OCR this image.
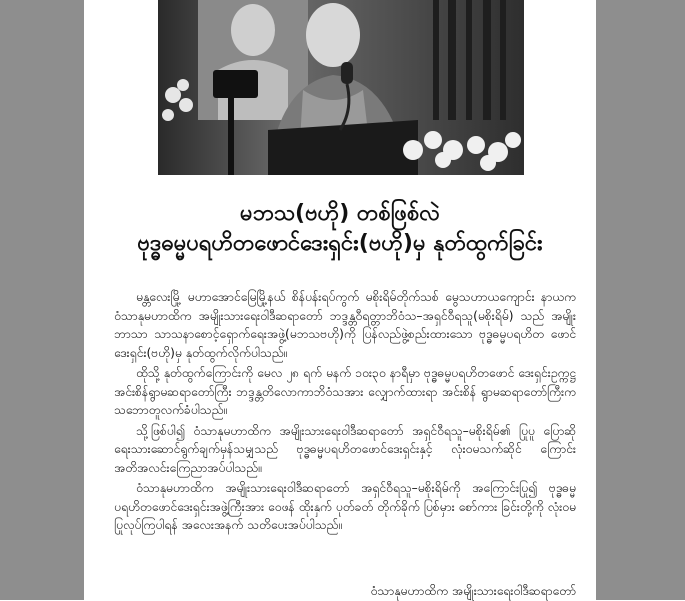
မဘသ(ဗဟို) တစ်ဖြစ်လဲ
ဗုဒ္ဓဓမ္မပရဟိတဖောင်ဒေးရှင်း(ဗဟို)မှ နုတ်ထွက်ခြင်း

မန္တလေးမြို့ မဟာအောင်မြေမြို့နယ် စိန်ပန်းရပ်ကွက် မစိုးရိမ်တိုက်သစ် မွေသဟာယကျောင်း နာယက ဝံသာနုမဟာထိက အမျိုးသားရေးဝါဒီဆရာတော် ဘဒ္ဒန္တဝီရတ္တာဘိဝံသ–အရှင်ဝီရသူ(မစိုးရိမ်) သည် အမျိုး ဘာသာ သာသနာစောင့်ရှောက်ရေးအဖွဲ့(မဘသဗဟို)ကို ပြန်လည်ဖွဲ့စည်းထားသော ဗုဒ္ဓဓမ္မပရဟိတ ဖောင်ဒေးရှင်း(ဗဟို)မှ နုတ်ထွက်လိုက်ပါသည်။

ထိုသို့ နုတ်ထွက်ကြောင်းကို မေလ ၂၈ ရက် မနက် ၁၀း၃၀ နာရီမှာ ဗုဒ္ဓဓမ္မပရဟိတဖောင် ဒေးရှင်းဥက္ကဋ္ဌ အင်းစိန်ရွာမဆရာတော်ကြီး ဘဒ္ဒန္တတိလောကာဘိဝံသအား လျှောက်ထားရာ အင်းစိန် ရွာမဆရာတော်ကြီးက သဘောတူလက်ခံပါသည်။

သို့ဖြစ်ပါ၍ ဝံသာနုမဟာထိက အမျိုးသားရေးဝါဒီဆရာတော် အရှင်ဝီရသူ–မစိုးရိမ်၏ ပြုပူ ပြောဆိုရေးသားဆောင်ရွက်ချက်မှန်သမျှသည် ဗုဒ္ဓဓမ္မပရဟိတဖောင်ဒေးရှင်းနှင့် လုံးဝမသက်ဆိုင် ကြောင်း အတိအလင်းကြေညာအပ်ပါသည်။

ဝံသာနုမဟာထိက အမျိုးသားရေးဝါဒီဆရာတော် အရှင်ဝီရသူ–မစိုးရိမ်ကို အကြောင်းပြု၍ ဗုဒ္ဓဓမ္မပရဟိတဖောင်ဒေးရှင်းအဖွဲ့ကြီးအား ဝေဖန် ထိုးနှက် ပုတ်ခတ် တိုက်ခိုက် ပြစ်မှား စော်ကား ခြင်းတို့ကို လုံးဝမပြုလုပ်ကြပါရန် အလေးအနက် သတိပေးအပ်ပါသည်။

ဝံသာနုမဟာထိက အမျိုးသားရေးဝါဒီဆရာတော်
